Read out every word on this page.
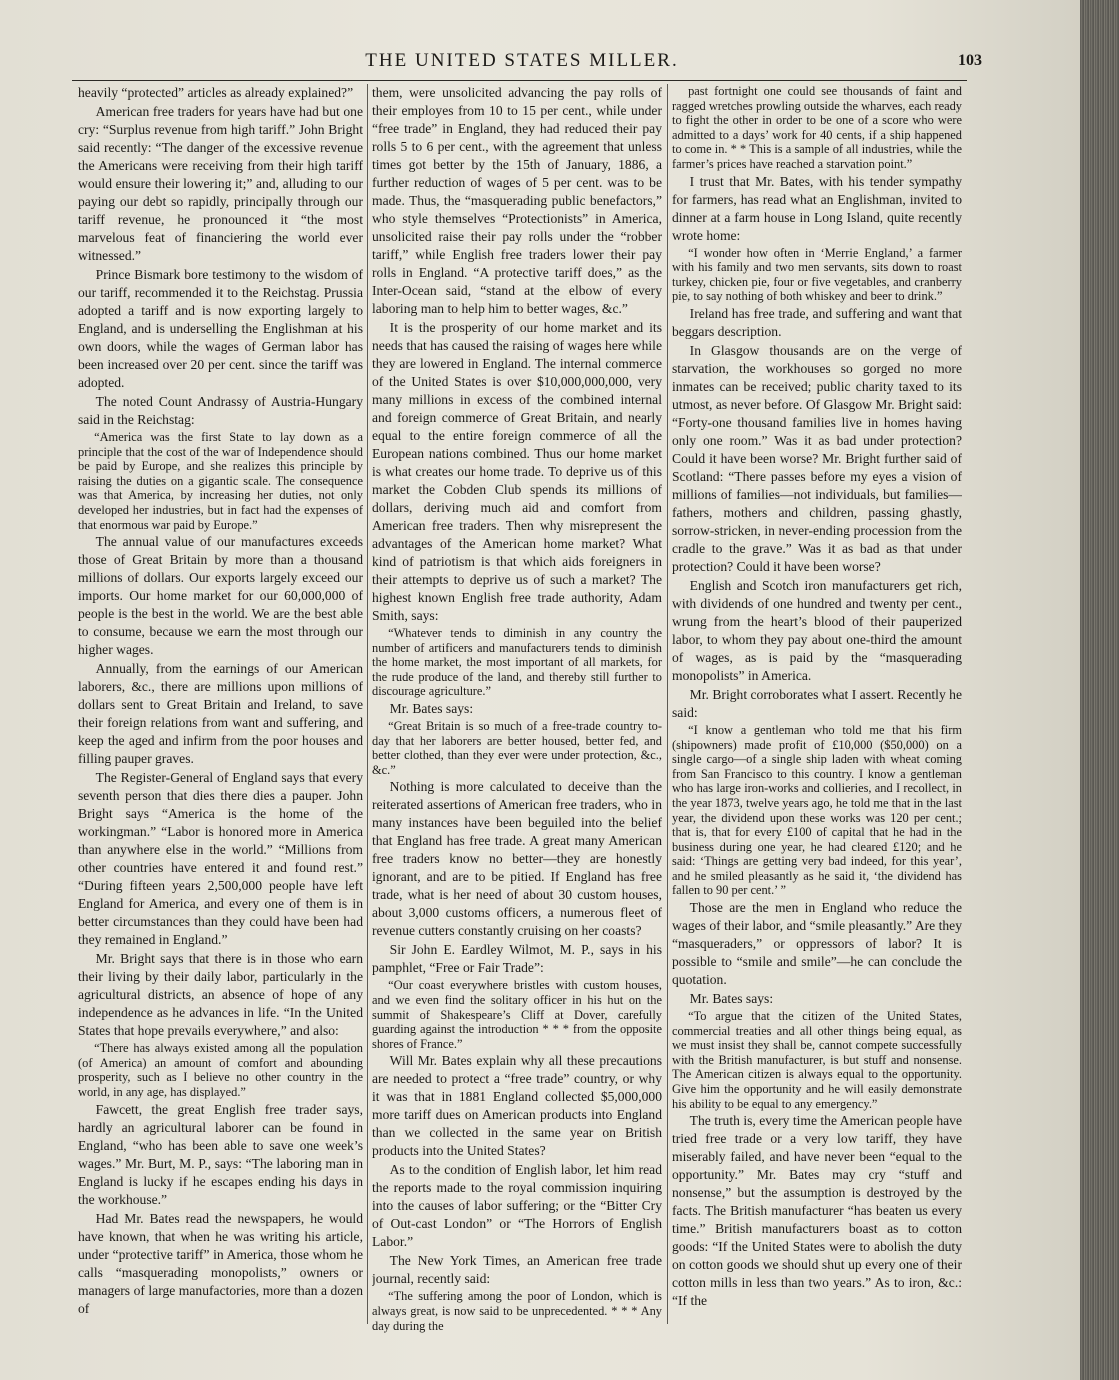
THE UNITED STATES MILLER.	103

heavily “protected” articles as already explained?”

American free traders for years have had but one cry: “Surplus revenue from high tariff.” John Bright said recently: “The danger of the excessive revenue the Americans were receiving from their high tariff would ensure their lowering it;” and, alluding to our paying our debt so rapidly, principally through our tariff revenue, he pronounced it “the most marvelous feat of financiering the world ever witnessed.”

Prince Bismark bore testimony to the wisdom of our tariff, recommended it to the Reichstag. Prussia adopted a tariff and is now exporting largely to England, and is underselling the Englishman at his own doors, while the wages of German labor has been increased over 20 per cent. since the tariff was adopted.

The noted Count Andrassy of Austria-Hungary said in the Reichstag:

“America was the first State to lay down as a principle that the cost of the war of Independence should be paid by Europe, and she realizes this principle by raising the duties on a gigantic scale. The consequence was that America, by increasing her duties, not only developed her industries, but in fact had the expenses of that enormous war paid by Europe.”

The annual value of our manufactures exceeds those of Great Britain by more than a thousand millions of dollars. Our exports largely exceed our imports. Our home market for our 60,000,000 of people is the best in the world. We are the best able to consume, because we earn the most through our higher wages.

Annually, from the earnings of our American laborers, &c., there are millions upon millions of dollars sent to Great Britain and Ireland, to save their foreign relations from want and suffering, and keep the aged and infirm from the poor houses and filling pauper graves.

The Register-General of England says that every seventh person that dies there dies a pauper. John Bright says “America is the home of the workingman.” “Labor is honored more in America than anywhere else in the world.” “Millions from other countries have entered it and found rest.” “During fifteen years 2,500,000 people have left England for America, and every one of them is in better circumstances than they could have been had they remained in England.”

Mr. Bright says that there is in those who earn their living by their daily labor, particularly in the agricultural districts, an absence of hope of any independence as he advances in life. “In the United States that hope prevails everywhere,” and also:

“There has always existed among all the population (of America) an amount of comfort and abounding prosperity, such as I believe no other country in the world, in any age, has displayed.”

Fawcett, the great English free trader says, hardly an agricultural laborer can be found in England, “who has been able to save one week’s wages.” Mr. Burt, M. P., says: “The laboring man in England is lucky if he escapes ending his days in the workhouse.”

Had Mr. Bates read the newspapers, he would have known, that when he was writing his article, under “protective tariff” in America, those whom he calls “masquerading monopolists,” owners or managers of large manufactories, more than a dozen of

them, were unsolicited advancing the pay rolls of their employes from 10 to 15 per cent., while under “free trade” in England, they had reduced their pay rolls 5 to 6 per cent., with the agreement that unless times got better by the 15th of January, 1886, a further reduction of wages of 5 per cent. was to be made. Thus, the “masquerading public benefactors,” who style themselves “Protectionists” in America, unsolicited raise their pay rolls under the “robber tariff,” while English free traders lower their pay rolls in England. “A protective tariff does,” as the Inter-Ocean said, “stand at the elbow of every laboring man to help him to better wages, &c.”

It is the prosperity of our home market and its needs that has caused the raising of wages here while they are lowered in England. The internal commerce of the United States is over $10,000,000,000, very many millions in excess of the combined internal and foreign commerce of Great Britain, and nearly equal to the entire foreign commerce of all the European nations combined. Thus our home market is what creates our home trade. To deprive us of this market the Cobden Club spends its millions of dollars, deriving much aid and comfort from American free traders. Then why misrepresent the advantages of the American home market? What kind of patriotism is that which aids foreigners in their attempts to deprive us of such a market? The highest known English free trade authority, Adam Smith, says:

“Whatever tends to diminish in any country the number of artificers and manufacturers tends to diminish the home market, the most important of all markets, for the rude produce of the land, and thereby still further to discourage agriculture.”

Mr. Bates says:

“Great Britain is so much of a free-trade country to-day that her laborers are better housed, better fed, and better clothed, than they ever were under protection, &c., &c.”

Nothing is more calculated to deceive than the reiterated assertions of American free traders, who in many instances have been beguiled into the belief that England has free trade. A great many American free traders know no better—they are honestly ignorant, and are to be pitied. If England has free trade, what is her need of about 30 custom houses, about 3,000 customs officers, a numerous fleet of revenue cutters constantly cruising on her coasts?

Sir John E. Eardley Wilmot, M. P., says in his pamphlet, “Free or Fair Trade”:

“Our coast everywhere bristles with custom houses, and we even find the solitary officer in his hut on the summit of Shakespeare’s Cliff at Dover, carefully guarding against the introduction * * * from the opposite shores of France.”

Will Mr. Bates explain why all these precautions are needed to protect a “free trade” country, or why it was that in 1881 England collected $5,000,000 more tariff dues on American products into England than we collected in the same year on British products into the United States?

As to the condition of English labor, let him read the reports made to the royal commission inquiring into the causes of labor suffering; or the “Bitter Cry of Out-cast London” or “The Horrors of English Labor.”

The New York Times, an American free trade journal, recently said:

“The suffering among the poor of London, which is always great, is now said to be unprecedented. * * * Any day during the

past fortnight one could see thousands of faint and ragged wretches prowling outside the wharves, each ready to fight the other in order to be one of a score who were admitted to a days’ work for 40 cents, if a ship happened to come in. * * This is a sample of all industries, while the farmer’s prices have reached a starvation point.”

I trust that Mr. Bates, with his tender sympathy for farmers, has read what an Englishman, invited to dinner at a farm house in Long Island, quite recently wrote home:

“I wonder how often in ‘Merrie England,’ a farmer with his family and two men servants, sits down to roast turkey, chicken pie, four or five vegetables, and cranberry pie, to say nothing of both whiskey and beer to drink.”

Ireland has free trade, and suffering and want that beggars description.

In Glasgow thousands are on the verge of starvation, the workhouses so gorged no more inmates can be received; public charity taxed to its utmost, as never before. Of Glasgow Mr. Bright said: “Forty-one thousand families live in homes having only one room.” Was it as bad under protection? Could it have been worse? Mr. Bright further said of Scotland: “There passes before my eyes a vision of millions of families—not individuals, but families—fathers, mothers and children, passing ghastly, sorrow-stricken, in never-ending procession from the cradle to the grave.” Was it as bad as that under protection? Could it have been worse?

English and Scotch iron manufacturers get rich, with dividends of one hundred and twenty per cent., wrung from the heart’s blood of their pauperized labor, to whom they pay about one-third the amount of wages, as is paid by the “masquerading monopolists” in America.

Mr. Bright corroborates what I assert. Recently he said:

“I know a gentleman who told me that his firm (shipowners) made profit of £10,000 ($50,000) on a single cargo—of a single ship laden with wheat coming from San Francisco to this country. I know a gentleman who has large iron-works and collieries, and I recollect, in the year 1873, twelve years ago, he told me that in the last year, the dividend upon these works was 120 per cent.; that is, that for every £100 of capital that he had in the business during one year, he had cleared £120; and he said: ‘Things are getting very bad indeed, for this year’, and he smiled pleasantly as he said it, ‘the dividend has fallen to 90 per cent.’ ”

Those are the men in England who reduce the wages of their labor, and “smile pleasantly.” Are they “masqueraders,” or oppressors of labor? It is possible to “smile and smile”—he can conclude the quotation.

Mr. Bates says:

“To argue that the citizen of the United States, commercial treaties and all other things being equal, as we must insist they shall be, cannot compete successfully with the British manufacturer, is but stuff and nonsense. The American citizen is always equal to the opportunity. Give him the opportunity and he will easily demonstrate his ability to be equal to any emergency.”

The truth is, every time the American people have tried free trade or a very low tariff, they have miserably failed, and have never been “equal to the opportunity.” Mr. Bates may cry “stuff and nonsense,” but the assumption is destroyed by the facts. The British manufacturer “has beaten us every time.” British manufacturers boast as to cotton goods: “If the United States were to abolish the duty on cotton goods we should shut up every one of their cotton mills in less than two years.” As to iron, &c.: “If the
